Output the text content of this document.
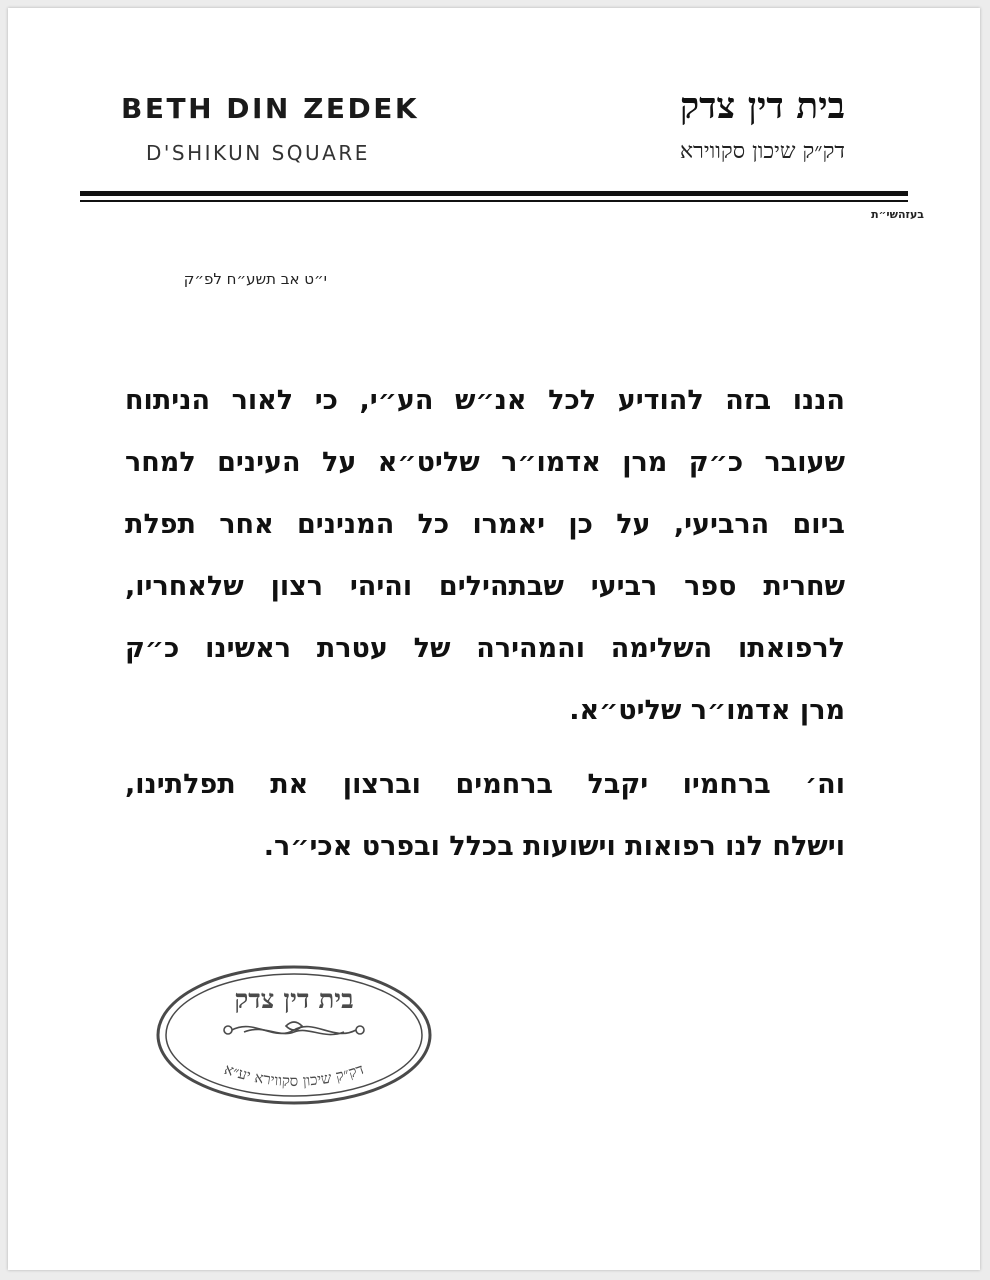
BETH DIN ZEDEK
D'SHIKUN SQUARE
בית דין צדק
דק״ק שיכון סקווירא
בעזהשי״ת
י״ט אב תשע״ח לפ״ק
הננו בזה להודיע לכל אנ״ש הע״י, כי לאור הניתוח
שעובר כ״ק מרן אדמו״ר שליט״א על העינים למחר
ביום הרביעי, על כן יאמרו כל המנינים אחר תפלת
שחרית ספר רביעי שבתהילים והיהי רצון שלאחריו,
לרפואתו השלימה והמהירה של עטרת ראשינו כ״ק
מרן אדמו״ר שליט״א.
וה׳ ברחמיו יקבל ברחמים וברצון את תפלתינו,
וישלח לנו רפואות וישועות בכלל ובפרט אכי״ר.
בית דין צדק
דק״ק שיכון סקווירא יע״א
